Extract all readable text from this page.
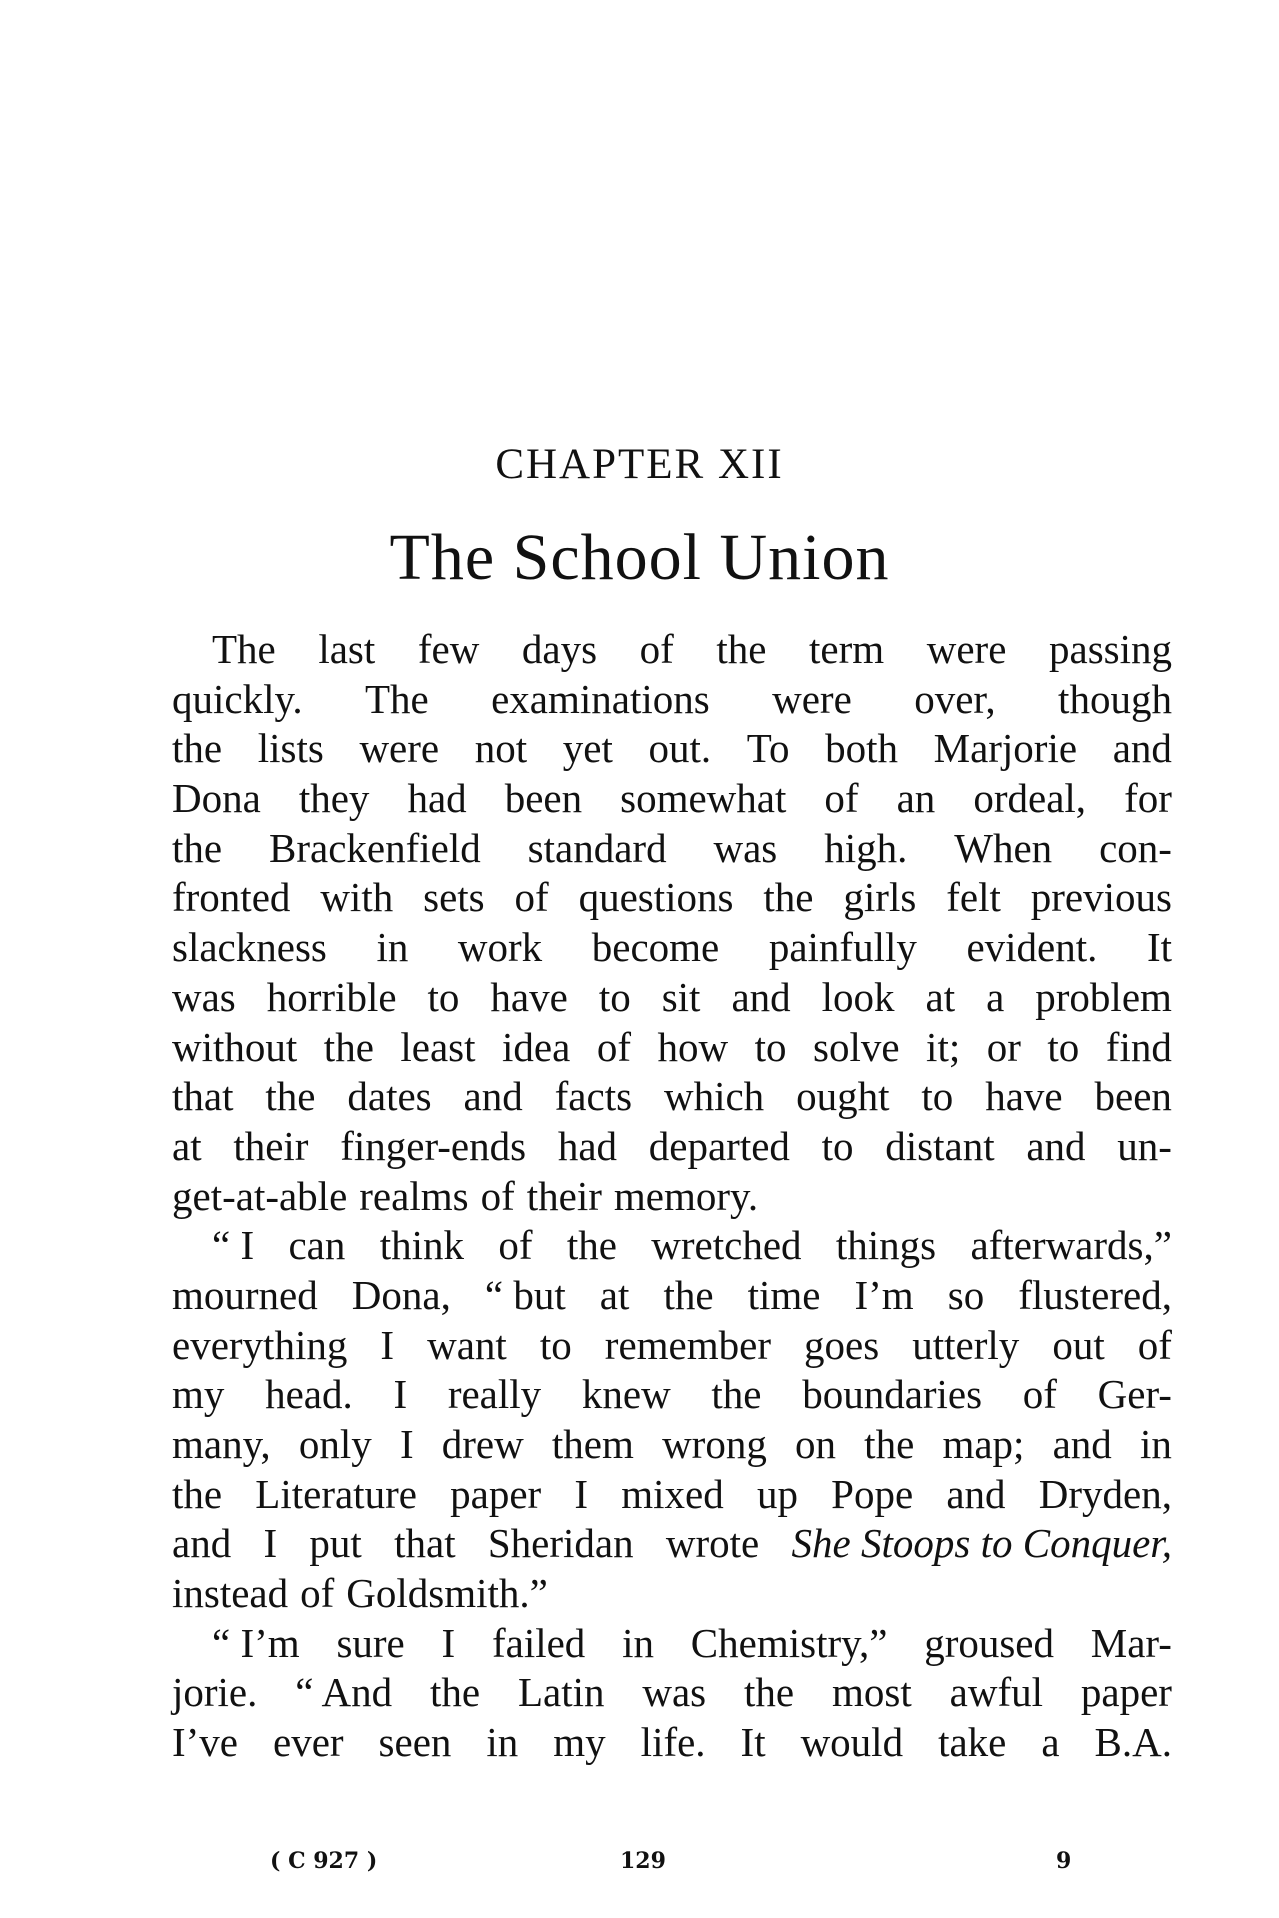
CHAPTER XII
The School Union
The last few days of the term were passing
quickly. The examinations were over, though
the lists were not yet out. To both Marjorie and
Dona they had been somewhat of an ordeal, for
the Brackenfield standard was high. When con-
fronted with sets of questions the girls felt previous
slackness in work become painfully evident. It
was horrible to have to sit and look at a problem
without the least idea of how to solve it; or to find
that the dates and facts which ought to have been
at their finger-ends had departed to distant and un-
get-at-able realms of their memory.
“ I can think of the wretched things afterwards,”
mourned Dona, “ but at the time I’m so flustered,
everything I want to remember goes utterly out of
my head. I really knew the boundaries of Ger-
many, only I drew them wrong on the map; and in
the Literature paper I mixed up Pope and Dryden,
and I put that Sheridan wrote She Stoops to Conquer,
instead of Goldsmith.”
“ I’m sure I failed in Chemistry,” groused Mar-
jorie. “ And the Latin was the most awful paper
I’ve ever seen in my life. It would take a B.A.
( C 927 )	129	9
